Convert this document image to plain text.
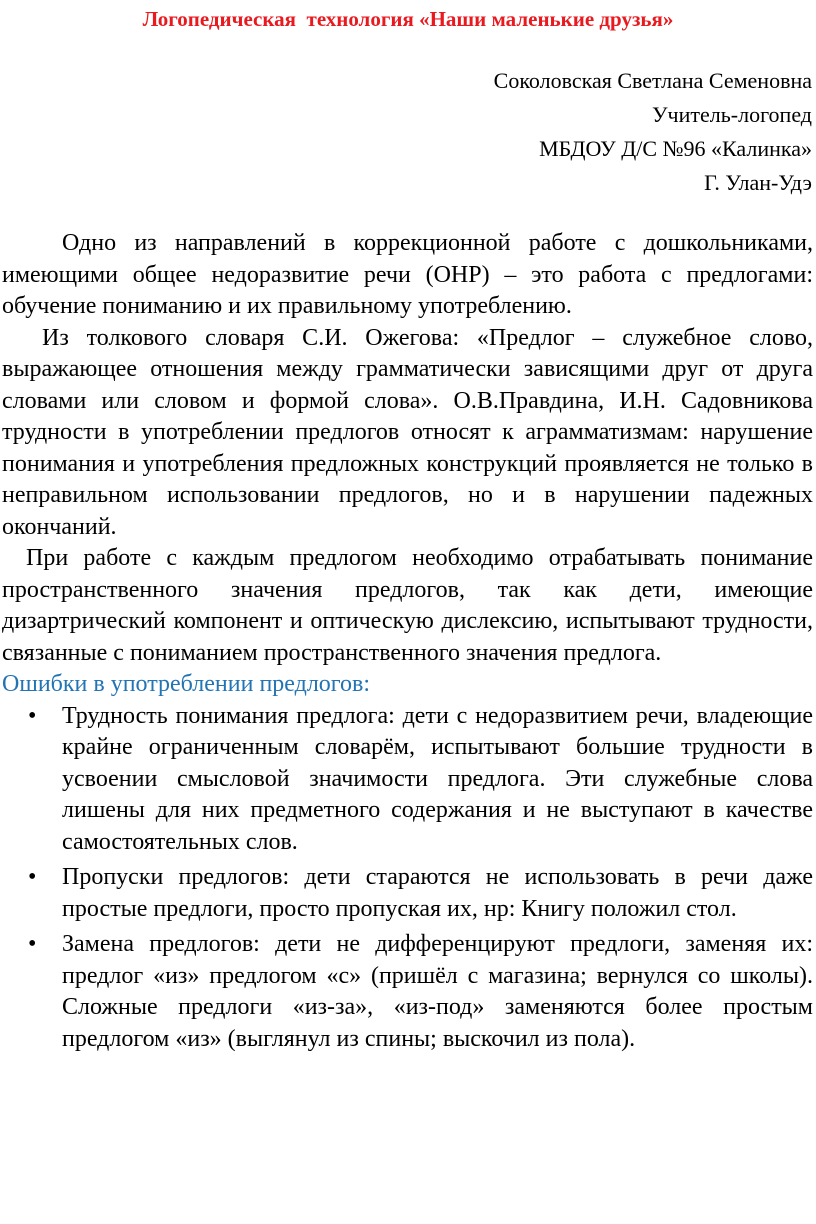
Логопедическая  технология «Наши маленькие друзья»
Соколовская Светлана Семеновна
Учитель-логопед
МБДОУ Д/С №96 «Калинка»
Г. Улан-Удэ

Одно из направлений в коррекционной работе с дошкольниками, имеющими общее недоразвитие речи (ОНР) – это работа с предлогами: обучение пониманию и их правильному употреблению.

Из толкового словаря С.И. Ожегова: «Предлог – служебное слово, выражающее отношения между грамматически зависящими друг от друга словами или словом и формой слова». О.В.Правдина, И.Н. Садовникова трудности в употреблении предлогов относят к аграмматизмам: нарушение понимания и употребления предложных конструкций проявляется не только в неправильном использовании предлогов, но и в нарушении падежных окончаний.

При работе с каждым предлогом необходимо отрабатывать понимание пространственного значения предлогов, так как дети, имеющие дизартрический компонент и оптическую дислексию, испытывают трудности, связанные с пониманием пространственного значения предлога.

Ошибки в употреблении предлогов:

• Трудность понимания предлога: дети с недоразвитием речи, владеющие крайне ограниченным словарём, испытывают большие трудности в усвоении смысловой значимости предлога. Эти служебные слова лишены для них предметного содержания и не выступают в качестве самостоятельных слов.
• Пропуски предлогов: дети стараются не использовать в речи даже простые предлоги, просто пропуская их, нр: Книгу положил стол.
• Замена предлогов: дети не дифференцируют предлоги, заменяя их: предлог «из» предлогом «с» (пришёл с магазина; вернулся со школы). Сложные предлоги «из-за», «из-под» заменяются более простым предлогом «из» (выглянул из спины; выскочил из пола).
